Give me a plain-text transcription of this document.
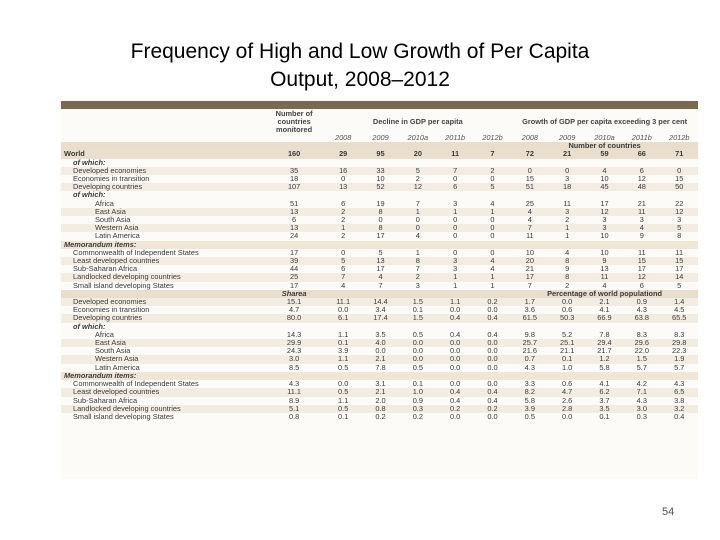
Frequency of High and Low Growth of Per Capita
Output, 2008–2012
	Number of countries monitored	Decline in GDP per capita					Growth of GDP per capita exceeding 3 per cent				
		2008	2009	2010a	2011b	2012b	2008	2009	2010a	2011b	2012b
							Number of countries				
World	160	29	95	20	11	7	72	21	59	66	71
of which:											
Developed economies	35	16	33	5	7	2	0	0	4	6	0
Economies in transition	18	0	10	2	0	0	15	3	10	12	15
Developing countries	107	13	52	12	6	5	51	18	45	48	50
of which:											
Africa	51	6	19	7	3	4	25	11	17	21	22
East Asia	13	2	8	1	1	1	4	3	12	11	12
South Asia	6	2	0	0	0	0	4	2	3	3	3
Western Asia	13	1	8	0	0	0	7	1	3	4	5
Latin America	24	2	17	4	0	0	11	1	10	9	8
Memorandum items:											
Commonwealth of Independent States	17	0	5	1	0	0	10	4	10	11	11
Least developed countries	39	5	13	8	3	4	20	8	9	15	15
Sub-Saharan Africa	44	6	17	7	3	4	21	9	13	17	17
Landlocked developing countries	25	7	4	2	1	1	17	8	11	12	14
Small island developing States	17	4	7	3	1	1	7	2	4	6	5
	Sharea						Percentage of world populationd				
Developed economies	15.1	11.1	14.4	1.5	1.1	0.2	1.7	0.0	2.1	0.9	1.4
Economies in transition	4.7	0.0	3.4	0.1	0.0	0.0	3.6	0.6	4.1	4.3	4.5
Developing countries	80.0	6.1	17.4	1.5	0.4	0.4	61.5	50.3	66.9	63.8	65.5
of which:											
Africa	14.3	1.1	3.5	0.5	0.4	0.4	9.8	5.2	7.8	8.3	8.3
East Asia	29.9	0.1	4.0	0.0	0.0	0.0	25.7	25.1	29.4	29.6	29.8
South Asia	24.3	3.9	0.0	0.0	0.0	0.0	21.6	21.1	21.7	22.0	22.3
Western Asia	3.0	1.1	2.1	0.0	0.0	0.0	0.7	0.1	1.2	1.5	1.9
Latin America	8.5	0.5	7.8	0.5	0.0	0.0	4.3	1.0	5.8	5.7	5.7
Memorandum items:											
Commonwealth of Independent States	4.3	0.0	3.1	0.1	0.0	0.0	3.3	0.6	4.1	4.2	4.3
Least developed countries	11.1	0.5	2.1	1.0	0.4	0.4	8.2	4.7	6.2	7.1	6.5
Sub-Saharan Africa	8.9	1.1	2.0	0.9	0.4	0.4	5.8	2.6	3.7	4.3	3.8
Landlocked developing countries	5.1	0.5	0.8	0.3	0.2	0.2	3.9	2.8	3.5	3.0	3.2
Small island developing States	0.8	0.1	0.2	0.2	0.0	0.0	0.5	0.0	0.1	0.3	0.4
54
